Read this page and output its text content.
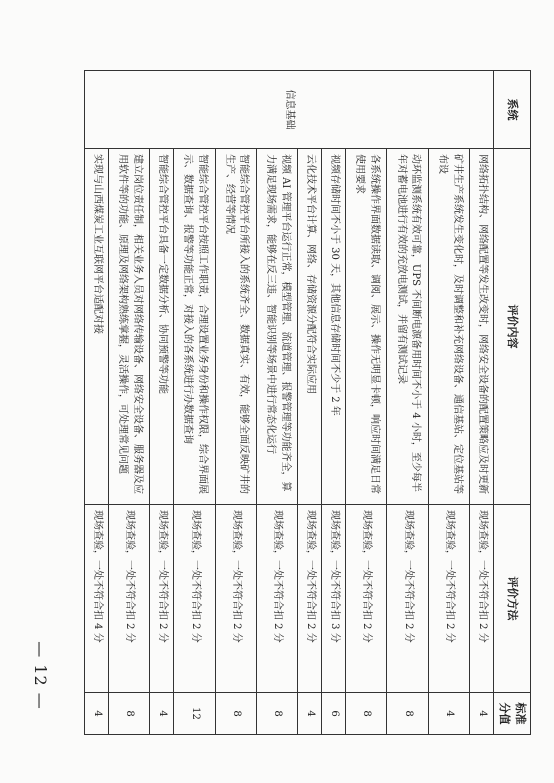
— 12 —
系统	评价内容	评价方法	标准分值
信息基础	网络拓扑结构、网络配置等发生改变时，网络安全设备的配置策略应及时更新	现场查验，一处不符合扣 2 分	4
	矿井生产系统发生变化时，及时调整和补充网络设备、通信基站、定位基站等布设	现场查验，一处不符合扣 2 分	4
	动环监测系统有效可靠，UPS 不间断电源备用时间不小于 4 小时，至少每半年对蓄电池进行有效的充放电测试，并留有测试记录	现场查验，一处不符合扣 2 分	8
	各系统操作界面数据读取、调阅、展示、操作无明显卡顿，响应时间满足日常使用要求	现场查验，一处不符合扣 2 分	8
	视频存储时间不小于 30 天，其他信息存储时间不少于 2 年	现场查验，一处不符合扣 3 分	6
	云化技术平台计算、网络、存储资源分配符合实际应用	现场查验，一处不符合扣 2 分	4
	视频 AI 管理平台运行正常，模型管理、流道管理、报警管理等功能齐全，算力满足现场需求，能够在反三违、智能识别等场景中进行常态化运行	现场查验，一处不符合扣 2 分	8
	智能综合管控平台所接入的系统齐全、数据真实、有效，能够全面反映矿井的生产、经营等情况	现场查验，一处不符合扣 2 分	8
	智能综合管控平台按照工作职责，合理设置业务身份和操作权限，综合界面展示、数据查询、报警等功能正常，对接入的各系统进行办数据查询	现场查验，一处不符合扣 2 分	12
	智能综合管控平台具备一定数据分析、协同预警等功能	现场查验，一处不符合扣 2 分	4
	建立岗位责任制，相关业务人员对网络传输设备、网络安全设备、服务器及应用软件等的功能、原理及网络架构熟练掌握，灵活操作，可处理常见问题	现场查验，一处不符合扣 2 分	8
	实现与山西煤炭工业互联网平台适配对接	现场查验，一处不符合扣 4 分	4
